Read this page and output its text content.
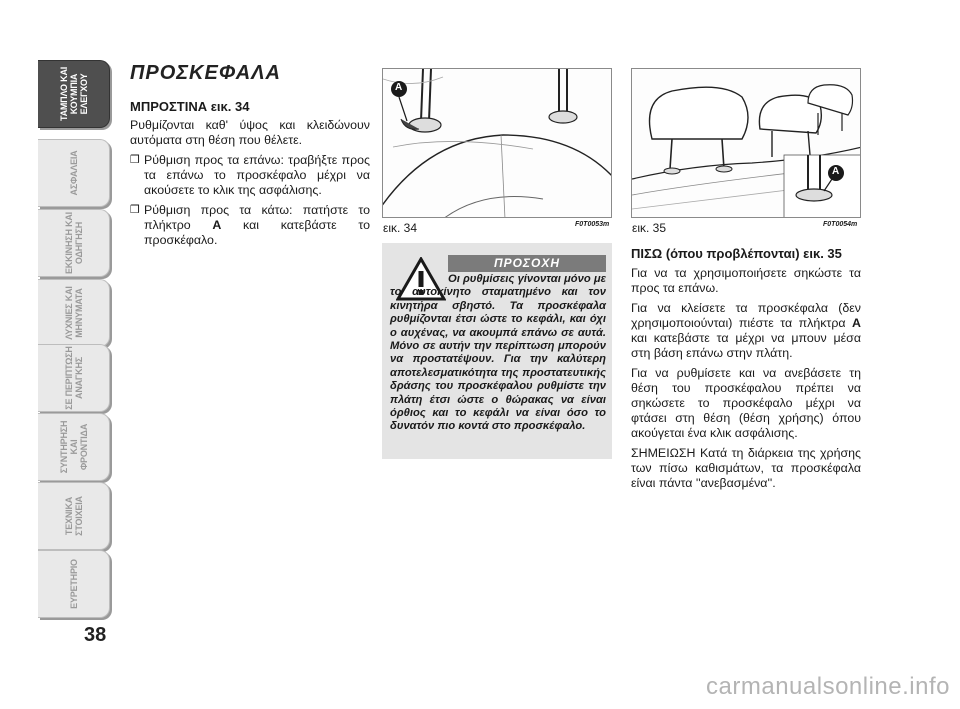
ΤΑΜΠΛΟ ΚΑΙ
ΚΟΥΜΠΙΑ
ΕΛΕΓΧΟΥ
ΑΣΦΑΛΕΙΑ
ΕΚΚΙΝΗΣΗ ΚΑΙ
ΟΔΗΓΗΣΗ
ΛΥΧΝΙΕΣ ΚΑΙ
ΜΗΝΥΜΑΤΑ
ΣΕ ΠΕΡΙΠΤΩΣΗ
ΑΝΑΓΚΗΣ
ΣΥΝΤΗΡΗΣΗ ΚΑΙ
ΦΡΟΝΤΙΔΑ
ΤΕΧΝΙΚΑ
ΣΤΟΙΧΕΙΑ
ΕΥΡΕΤΗΡΙΟ
38
ΠΡΟΣΚΕΦΑΛΑ
ΜΠΡΟΣΤΙΝΑ εικ. 34

Ρυθμίζονται καθ' ύψος και κλειδώνουν αυτόματα στη θέση που θέλετε.

❒ Ρύθμιση προς τα επάνω: τραβήξτε προς τα επάνω το προσκέφαλο μέχρι να ακούσετε το κλικ της ασφάλισης.
❒ Ρύθμιση προς τα κάτω: πατήστε το πλήκτρο A και κατεβάστε το προσκέφαλο.
A
εικ. 34	F0T0053m
A
εικ. 35	F0T0054m
ΠΡΟΣΟΧΗ
Οι ρυθμίσεις γίνονται μόνο με το αυτοκίνητο σταματημένο και τον κινητήρα σβηστό. Τα προσκέφαλα ρυθμίζονται έτσι ώστε το κεφάλι, και όχι ο αυχένας, να ακουμπά επάνω σε αυτά. Μόνο σε αυτήν την περίπτωση μπορούν να προστατέψουν. Για την καλύτερη αποτελεσματικότητα της προστατευτικής δράσης του προσκέφαλου ρυθμίστε την πλάτη έτσι ώστε ο θώρακας να είναι όρθιος και το κεφάλι να είναι όσο το δυνατόν πιο κοντά στο προσκέφαλο.
ΠΙΣΩ (όπου προβλέπονται) εικ. 35

Για να τα χρησιμοποιήσετε σηκώστε τα προς τα επάνω.

Για να κλείσετε τα προσκέφαλα (δεν χρησιμοποιούνται) πιέστε τα πλήκτρα A και κατεβάστε τα μέχρι να μπουν μέσα στη βάση επάνω στην πλάτη.

Για να ρυθμίσετε και να ανεβάσετε τη θέση του προσκέφαλου πρέπει να σηκώσετε το προσκέφαλο μέχρι να φτάσει στη θέση (θέση χρήσης) όπου ακούγεται ένα κλικ ασφάλισης.

ΣΗΜΕΙΩΣΗ Κατά τη διάρκεια της χρήσης των πίσω καθισμάτων, τα προσκέφαλα είναι πάντα ''ανεβασμένα''.

carmanualsonline.info
